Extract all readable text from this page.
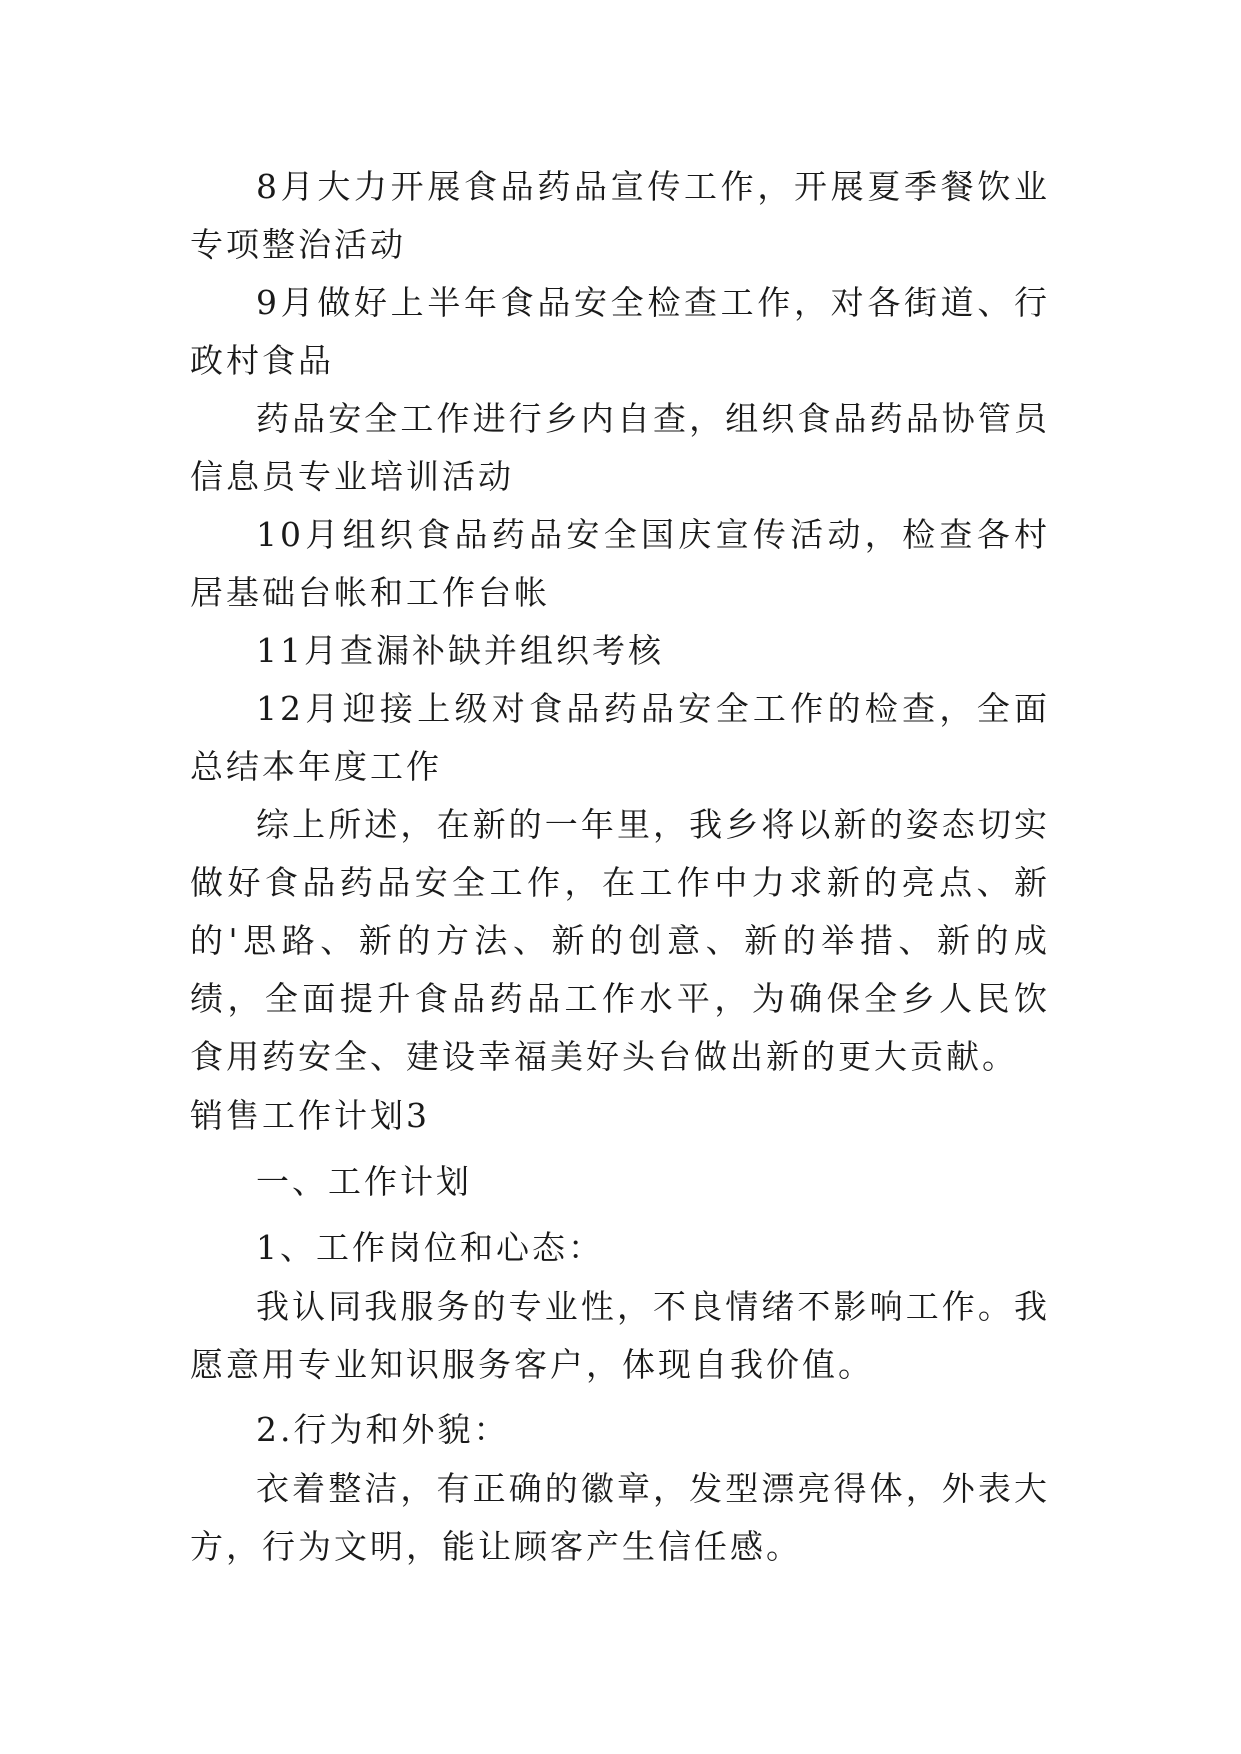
8月大力开展食品药品宣传工作，开展夏季餐饮业专项整治活动

9月做好上半年食品安全检查工作，对各街道、行政村食品

药品安全工作进行乡内自查，组织食品药品协管员信息员专业培训活动

10月组织食品药品安全国庆宣传活动，检查各村居基础台帐和工作台帐

11月查漏补缺并组织考核

12月迎接上级对食品药品安全工作的检查，全面总结本年度工作

综上所述，在新的一年里，我乡将以新的姿态切实做好食品药品安全工作，在工作中力求新的亮点、新的'思路、新的方法、新的创意、新的举措、新的成绩，全面提升食品药品工作水平，为确保全乡人民饮食用药安全、建设幸福美好头台做出新的更大贡献。

销售工作计划3

一、工作计划

1、工作岗位和心态：

我认同我服务的专业性，不良情绪不影响工作。我愿意用专业知识服务客户，体现自我价值。

2.行为和外貌：

衣着整洁，有正确的徽章，发型漂亮得体，外表大方，行为文明，能让顾客产生信任感。
